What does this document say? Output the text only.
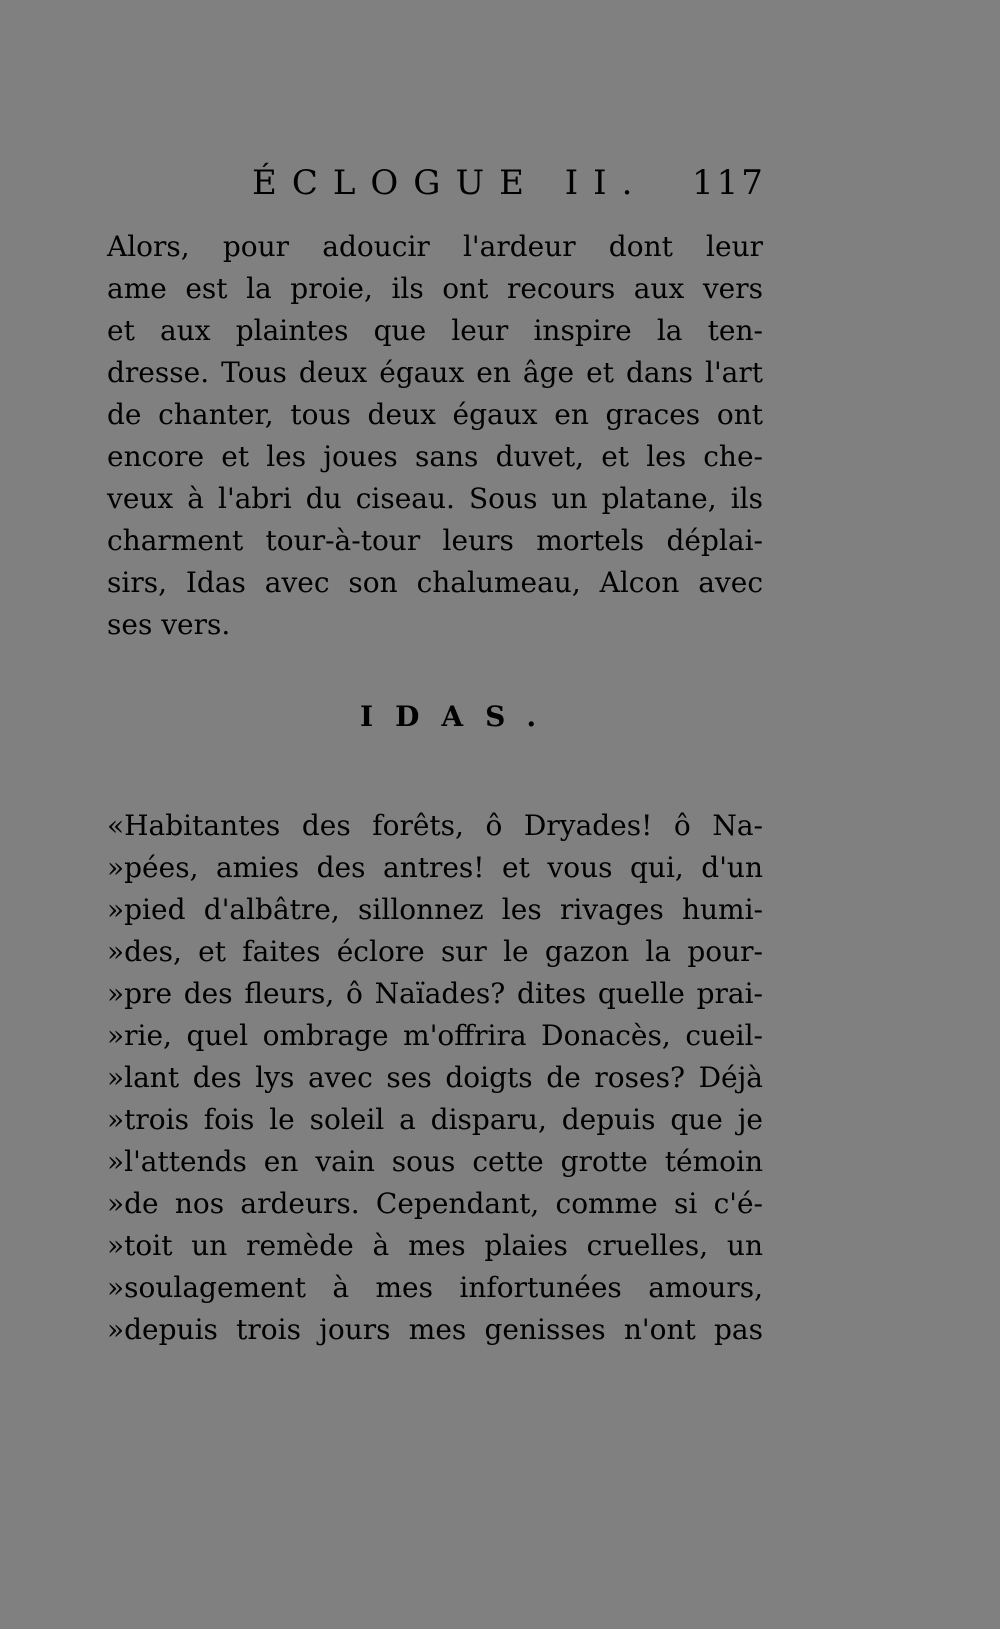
ÉCLOGUE II. 117
Alors, pour adoucir l'ardeur dont leur
ame est la proie, ils ont recours aux vers
et aux plaintes que leur inspire la ten-
dresse. Tous deux égaux en âge et dans l'art
de chanter, tous deux égaux en graces ont
encore et les joues sans duvet, et les che-
veux à l'abri du ciseau. Sous un platane, ils
charment tour-à-tour leurs mortels déplai-
sirs, Idas avec son chalumeau, Alcon avec
ses vers.
IDAS.
«Habitantes des forêts, ô Dryades! ô Na-
»pées, amies des antres! et vous qui, d'un
»pied d'albâtre, sillonnez les rivages humi-
»des, et faites éclore sur le gazon la pour-
»pre des fleurs, ô Naïades? dites quelle prai-
»rie, quel ombrage m'offrira Donacès, cueil-
»lant des lys avec ses doigts de roses? Déjà
»trois fois le soleil a disparu, depuis que je
»l'attends en vain sous cette grotte témoin
»de nos ardeurs. Cependant, comme si c'é-
»toit un remède à mes plaies cruelles, un
»soulagement à mes infortunées amours,
»depuis trois jours mes genisses n'ont pas
